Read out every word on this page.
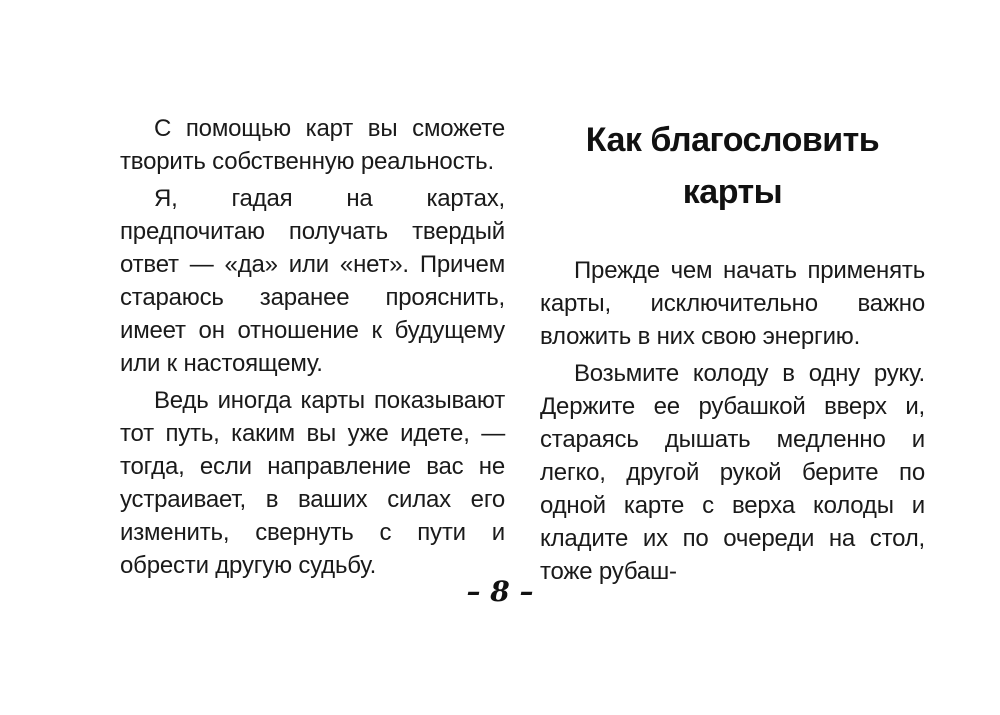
С помощью карт вы сможете творить собственную реальность.

Я, гадая на картах, предпочитаю получать твердый ответ — «да» или «нет». Причем стараюсь заранее прояснить, имеет он отношение к будущему или к настоящему.

Ведь иногда карты показывают тот путь, каким вы уже идете, — тогда, если направление вас не устраивает, в ваших силах его изменить, свернуть с пути и обрести другую судьбу.

Как благословить
карты

Прежде чем начать применять карты, исключительно важно вложить в них свою энергию.

Возьмите колоду в одну руку. Держите ее рубашкой вверх и, стараясь дышать медленно и легко, другой рукой берите по одной карте с верха колоды и кладите их по очереди на стол, тоже рубаш-

– 8 –
